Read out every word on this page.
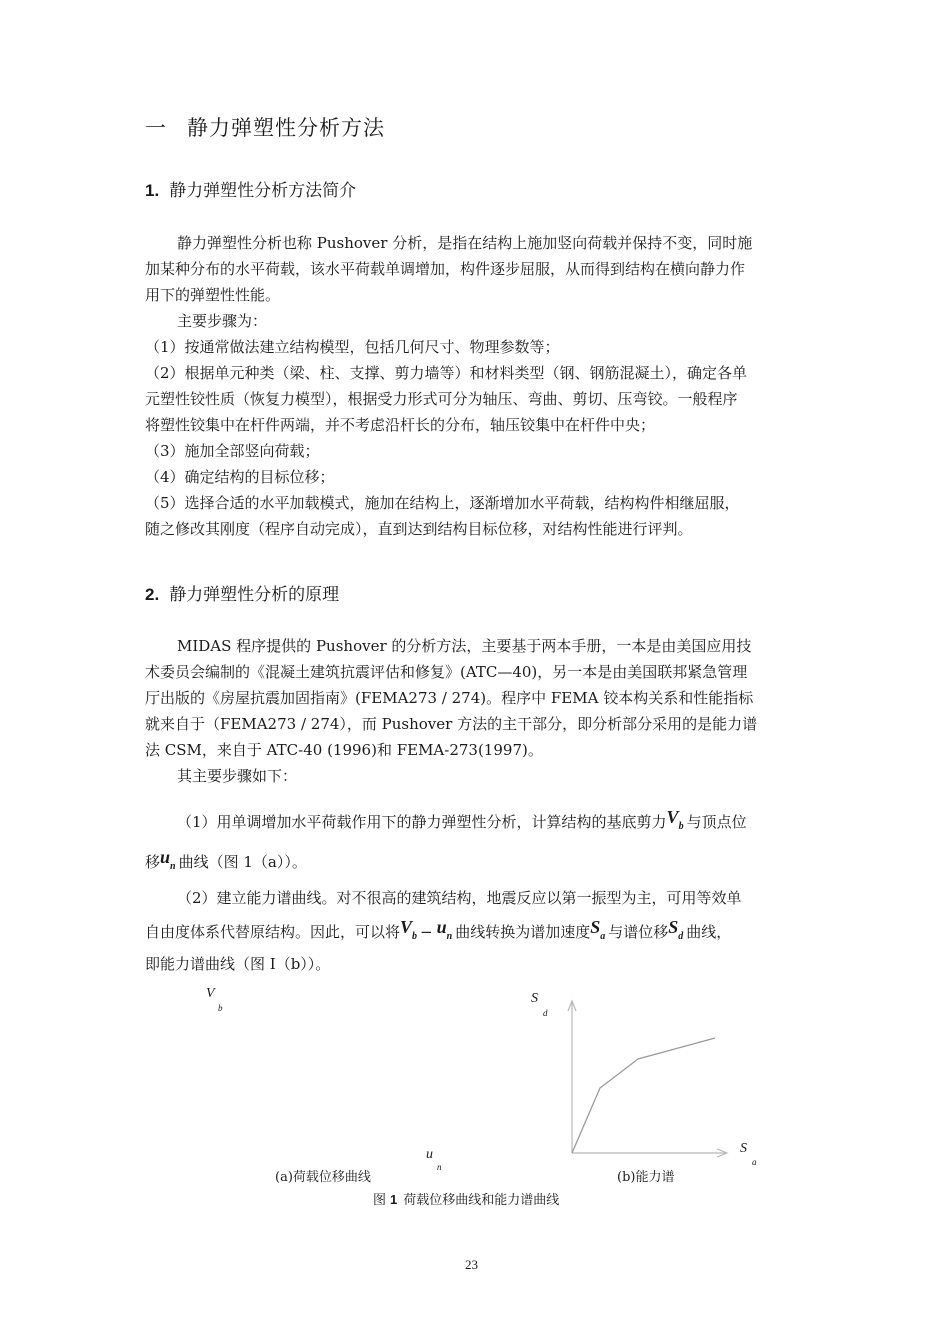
一 静力弹塑性分析方法
1. 静力弹塑性分析方法简介

静力弹塑性分析也称 Pushover 分析，是指在结构上施加竖向荷载并保持不变，同时施

加某种分布的水平荷载，该水平荷载单调增加，构件逐步屈服，从而得到结构在横向静力作

用下的弹塑性性能。

主要步骤为：

（1）按通常做法建立结构模型，包括几何尺寸、物理参数等；

（2）根据单元种类（梁、柱、支撑、剪力墙等）和材料类型（钢、钢筋混凝土），确定各单

元塑性铰性质（恢复力模型），根据受力形式可分为轴压、弯曲、剪切、压弯铰。一般程序

将塑性铰集中在杆件两端，并不考虑沿杆长的分布，轴压铰集中在杆件中央；

（3）施加全部竖向荷载；

（4）确定结构的目标位移；

（5）选择合适的水平加载模式，施加在结构上，逐渐增加水平荷载，结构构件相继屈服，

随之修改其刚度（程序自动完成），直到达到结构目标位移，对结构性能进行评判。

2. 静力弹塑性分析的原理

MIDAS 程序提供的 Pushover 的分析方法，主要基于两本手册，一本是由美国应用技

术委员会编制的《混凝土建筑抗震评估和修复》(ATC—40)，另一本是由美国联邦紧急管理

厅出版的《房屋抗震加固指南》(FEMA273 / 274)。程序中 FEMA 铰本构关系和性能指标

就来自于（FEMA273 / 274），而 Pushover 方法的主干部分，即分析部分采用的是能力谱

法 CSM，来自于 ATC-40 (1996)和 FEMA-273(1997)。

其主要步骤如下：

（1）用单调增加水平荷载作用下的静力弹塑性分析，计算结构的基底剪力$V_b$ 与顶点位

移$u_n$ 曲线（图 1（a））。

（2）建立能力谱曲线。对不很高的建筑结构，地震反应以第一振型为主，可用等效单

自由度体系代替原结构。因此，可以将$V_b - u_n$ 曲线转换为谱加速度$S_a$ 与谱位移$S_d$ 曲线，

即能力谱曲线（图 I（b））。

V
b
u
n
(a)荷载位移曲线
S
d
S
a
(b)能力谱
图 1 荷载位移曲线和能力谱曲线
23
